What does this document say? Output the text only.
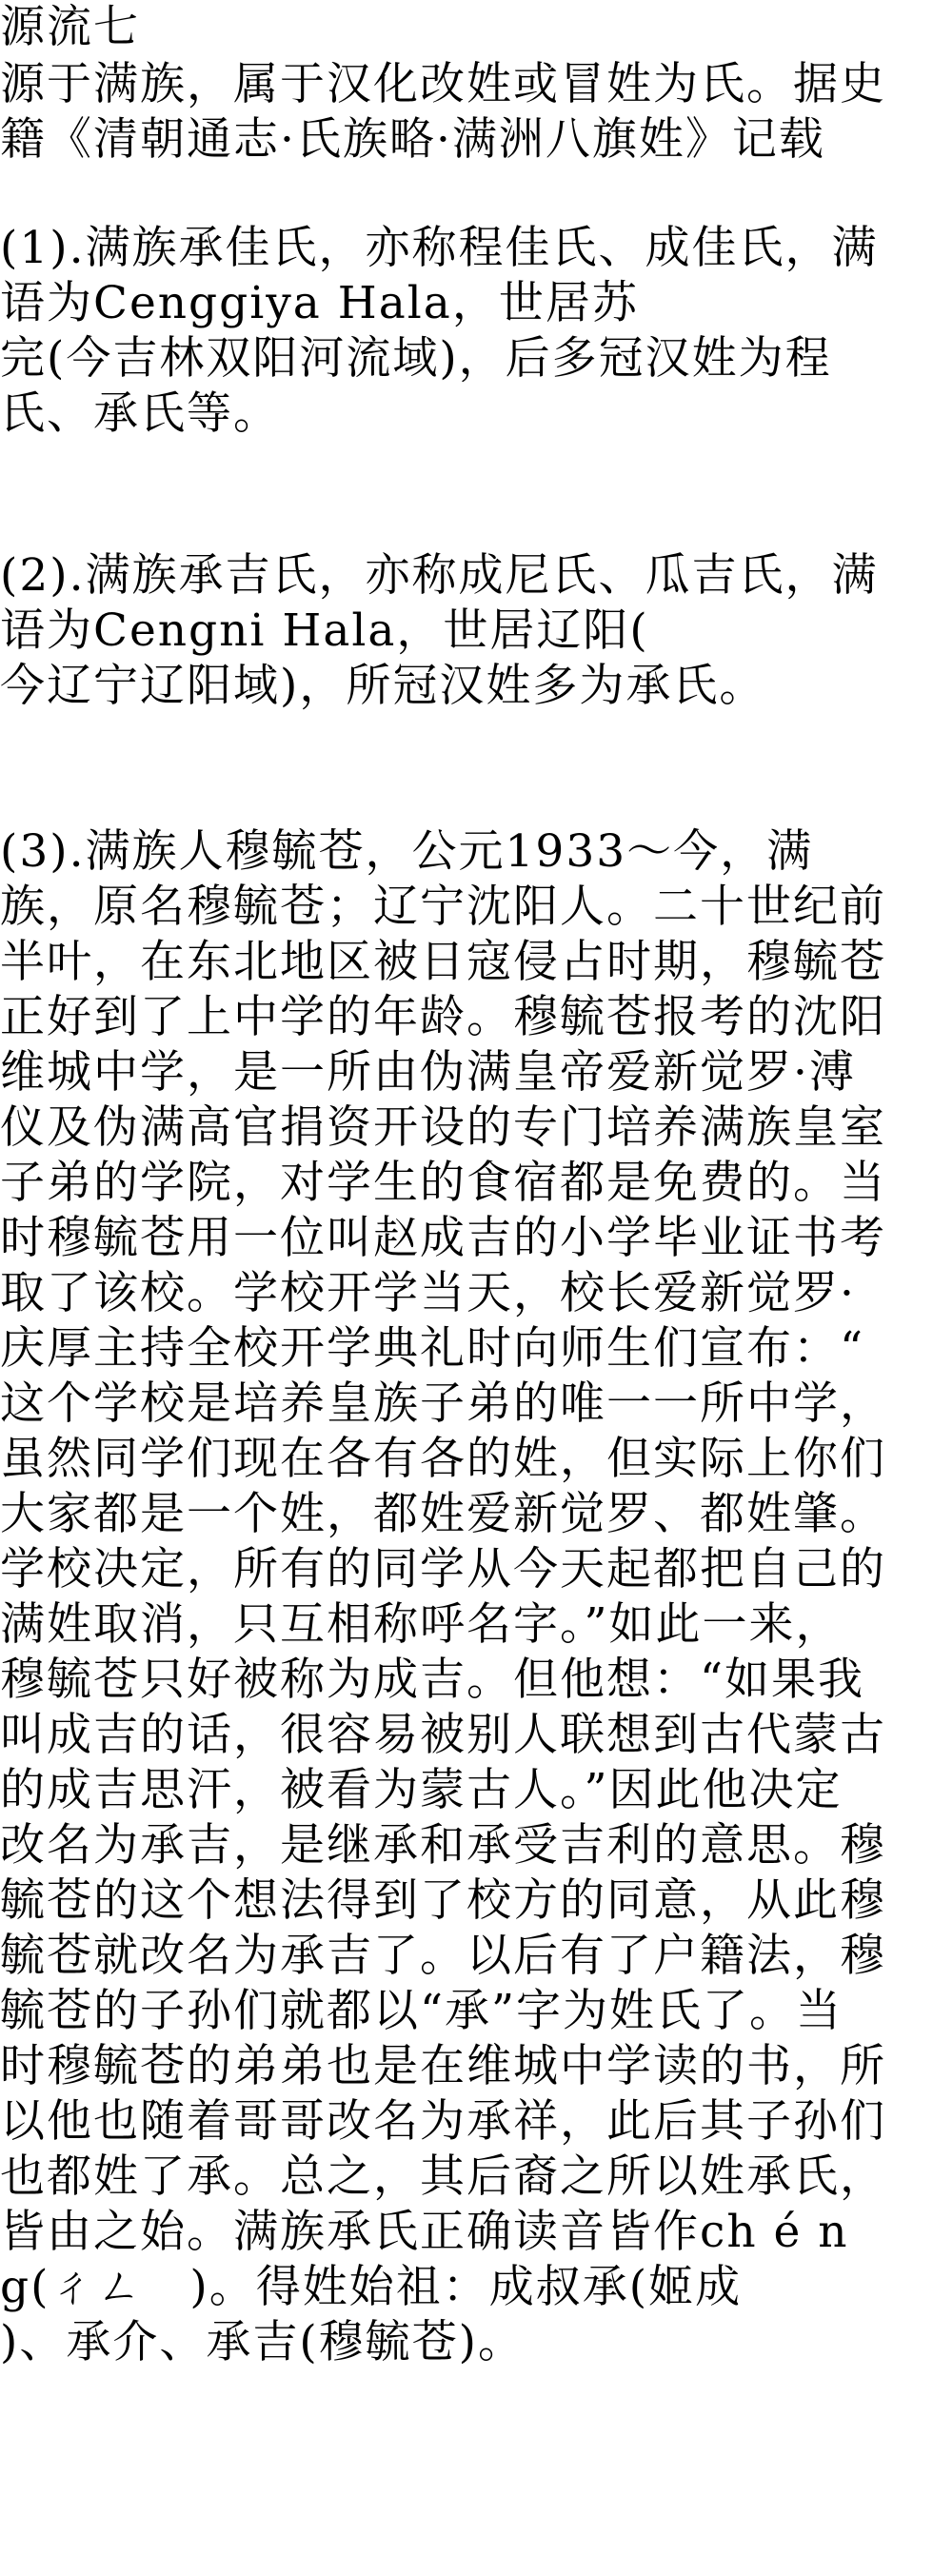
源流七

源于满族，属于汉化改姓或冒姓为氏。据史

籍《清朝通志·氏族略·满洲八旗姓》记载

(1).满族承佳氏，亦称程佳氏、成佳氏，满

语为Cenggiya Hala，世居苏

完(今吉林双阳河流域)，后多冠汉姓为程

氏、承氏等。

(2).满族承吉氏，亦称成尼氏、瓜吉氏，满

语为Cengni Hala，世居辽阳(

今辽宁辽阳域)，所冠汉姓多为承氏。

(3).满族人穆毓苍，公元1933～今，满

族，原名穆毓苍；辽宁沈阳人。二十世纪前

半叶，在东北地区被日寇侵占时期，穆毓苍

正好到了上中学的年龄。穆毓苍报考的沈阳

维城中学，是一所由伪满皇帝爱新觉罗·溥

仪及伪满高官捐资开设的专门培养满族皇室

子弟的学院，对学生的食宿都是免费的。当

时穆毓苍用一位叫赵成吉的小学毕业证书考

取了该校。学校开学当天，校长爱新觉罗·

庆厚主持全校开学典礼时向师生们宣布：“

这个学校是培养皇族子弟的唯一一所中学，

虽然同学们现在各有各的姓，但实际上你们

大家都是一个姓，都姓爱新觉罗、都姓肇。

学校决定，所有的同学从今天起都把自己的

满姓取消，只互相称呼名字。”如此一来，

穆毓苍只好被称为成吉。但他想：“如果我

叫成吉的话，很容易被别人联想到古代蒙古

的成吉思汗，被看为蒙古人。”因此他决定

改名为承吉，是继承和承受吉利的意思。穆

毓苍的这个想法得到了校方的同意，从此穆

毓苍就改名为承吉了。以后有了户籍法，穆

毓苍的子孙们就都以“承”字为姓氏了。当

时穆毓苍的弟弟也是在维城中学读的书，所

以他也随着哥哥改名为承祥，此后其子孙们

也都姓了承。总之，其后裔之所以姓承氏，

皆由之始。满族承氏正确读音皆作ch é n

g(ㄔㄥ　)。得姓始祖：成叔承(姬成

)、承介、承吉(穆毓苍)。
